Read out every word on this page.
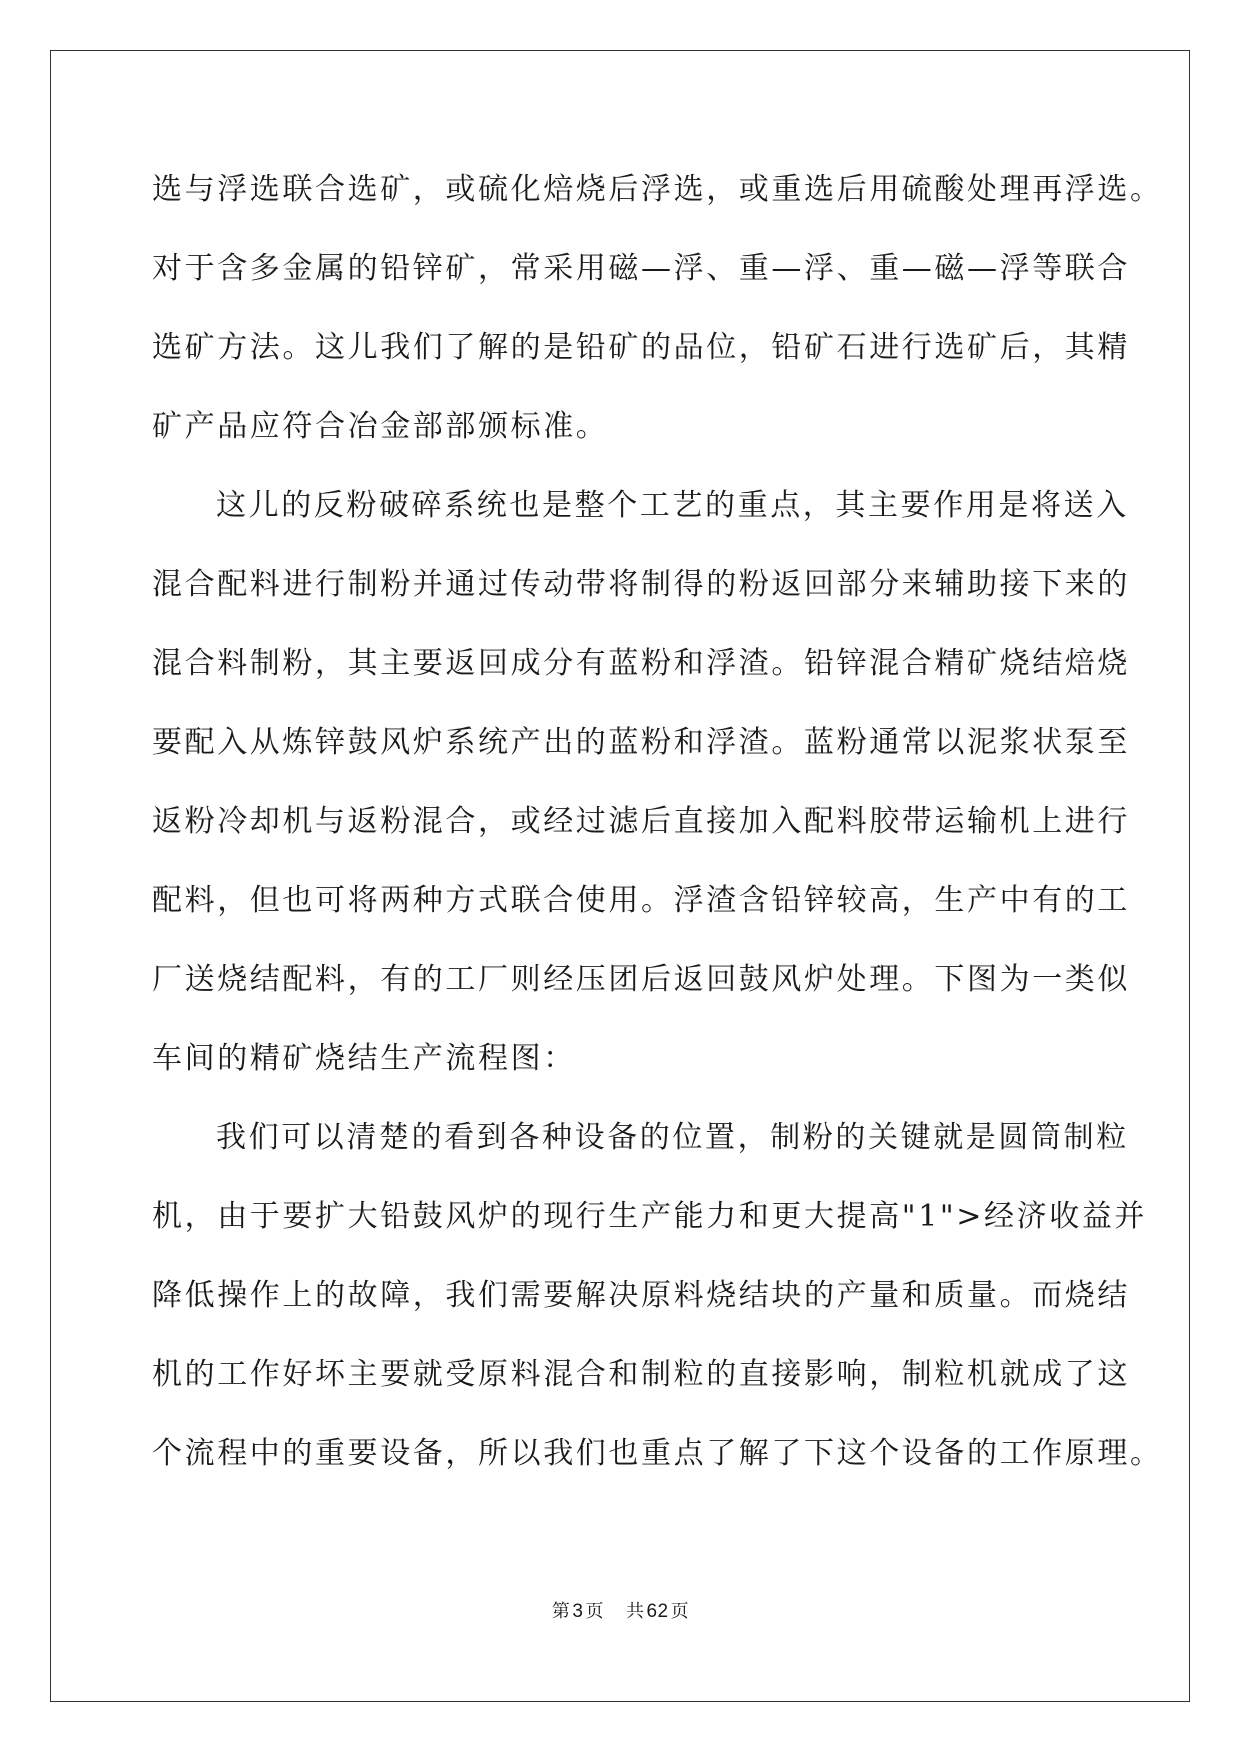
选与浮选联合选矿，或硫化焙烧后浮选，或重选后用硫酸处理再浮选。

对于含多金属的铅锌矿，常采用磁—浮、重—浮、重—磁—浮等联合

选矿方法。这儿我们了解的是铅矿的品位，铅矿石进行选矿后，其精

矿产品应符合冶金部部颁标准。

这儿的反粉破碎系统也是整个工艺的重点，其主要作用是将送入

混合配料进行制粉并通过传动带将制得的粉返回部分来辅助接下来的

混合料制粉，其主要返回成分有蓝粉和浮渣。铅锌混合精矿烧结焙烧

要配入从炼锌鼓风炉系统产出的蓝粉和浮渣。蓝粉通常以泥浆状泵至

返粉冷却机与返粉混合，或经过滤后直接加入配料胶带运输机上进行

配料，但也可将两种方式联合使用。浮渣含铅锌较高，生产中有的工

厂送烧结配料，有的工厂则经压团后返回鼓风炉处理。下图为一类似

车间的精矿烧结生产流程图：

我们可以清楚的看到各种设备的位置，制粉的关键就是圆筒制粒

机，由于要扩大铅鼓风炉的现行生产能力和更大提高"1">经济收益并

降低操作上的故障，我们需要解决原料烧结块的产量和质量。而烧结

机的工作好坏主要就受原料混合和制粒的直接影响，制粒机就成了这

个流程中的重要设备，所以我们也重点了解了下这个设备的工作原理。

第 3 页 共 62 页
